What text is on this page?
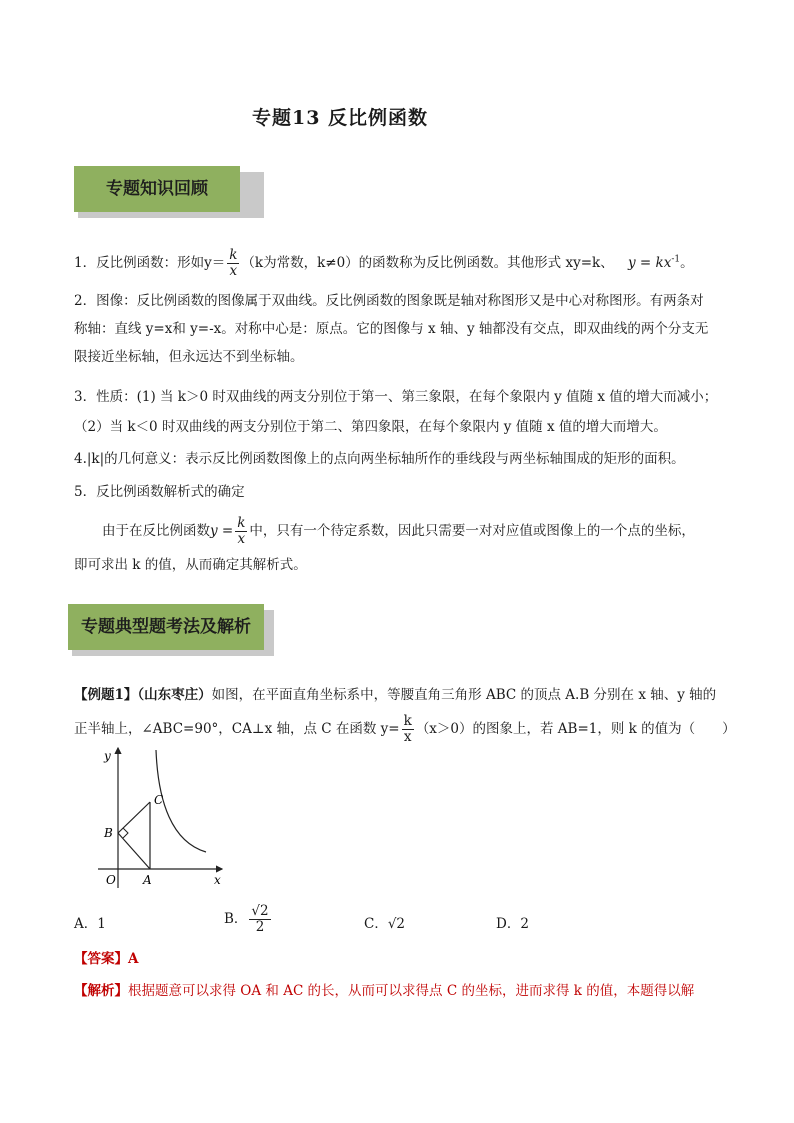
专题13 反比例函数
专题知识回顾
1．反比例函数：形如$y= \frac{k}{x} (k$为常数，k≠0）的函数称为反比例函数。其他形式 xy=k、 $y = kx^{-1}$。
2．图像：反比例函数的图像属于双曲线。反比例函数的图象既是轴对称图形又是中心对称图形。有两条对
称轴：直线 y=x和 y=-x。对称中心是：原点。它的图像与 x 轴、y 轴都没有交点，即双曲线的两个分支无
限接近坐标轴，但永远达不到坐标轴。
3．性质：(1) 当 k＞0 时双曲线的两支分别位于第一、第三象限，在每个象限内 y 值随 x 值的增大而减小；
（2）当 k＜0 时双曲线的两支分别位于第二、第四象限，在每个象限内 y 值随 x 值的增大而增大。
4.|k|的几何意义：表示反比例函数图像上的点向两坐标轴所作的垂线段与两坐标轴围成的矩形的面积。
5．反比例函数解析式的确定
由于在反比例函数$y = \frac{k}{x}$ 中，只有一个待定系数，因此只需要一对对应值或图像上的一个点的坐标，
即可求出 k 的值，从而确定其解析式。
专题典型题考法及解析
【例题1】（山东枣庄）如图，在平面直角坐标系中，等腰直角三角形 ABC 的顶点 A.B 分别在 x 轴、y 轴的
正半轴上，∠ABC=90°，CA⊥x 轴，点 C 在函数 $y= \frac{k}{x} (x>0)$的图象上，若 AB=1，则 k 的值为（　　）
y
x
O A
B
C
A．1	B． $\frac{√2}{2}$	C．√2	D．2
【答案】A
【解析】根据题意可以求得 OA 和 AC 的长，从而可以求得点 C 的坐标，进而求得 k 的值，本题得以解
